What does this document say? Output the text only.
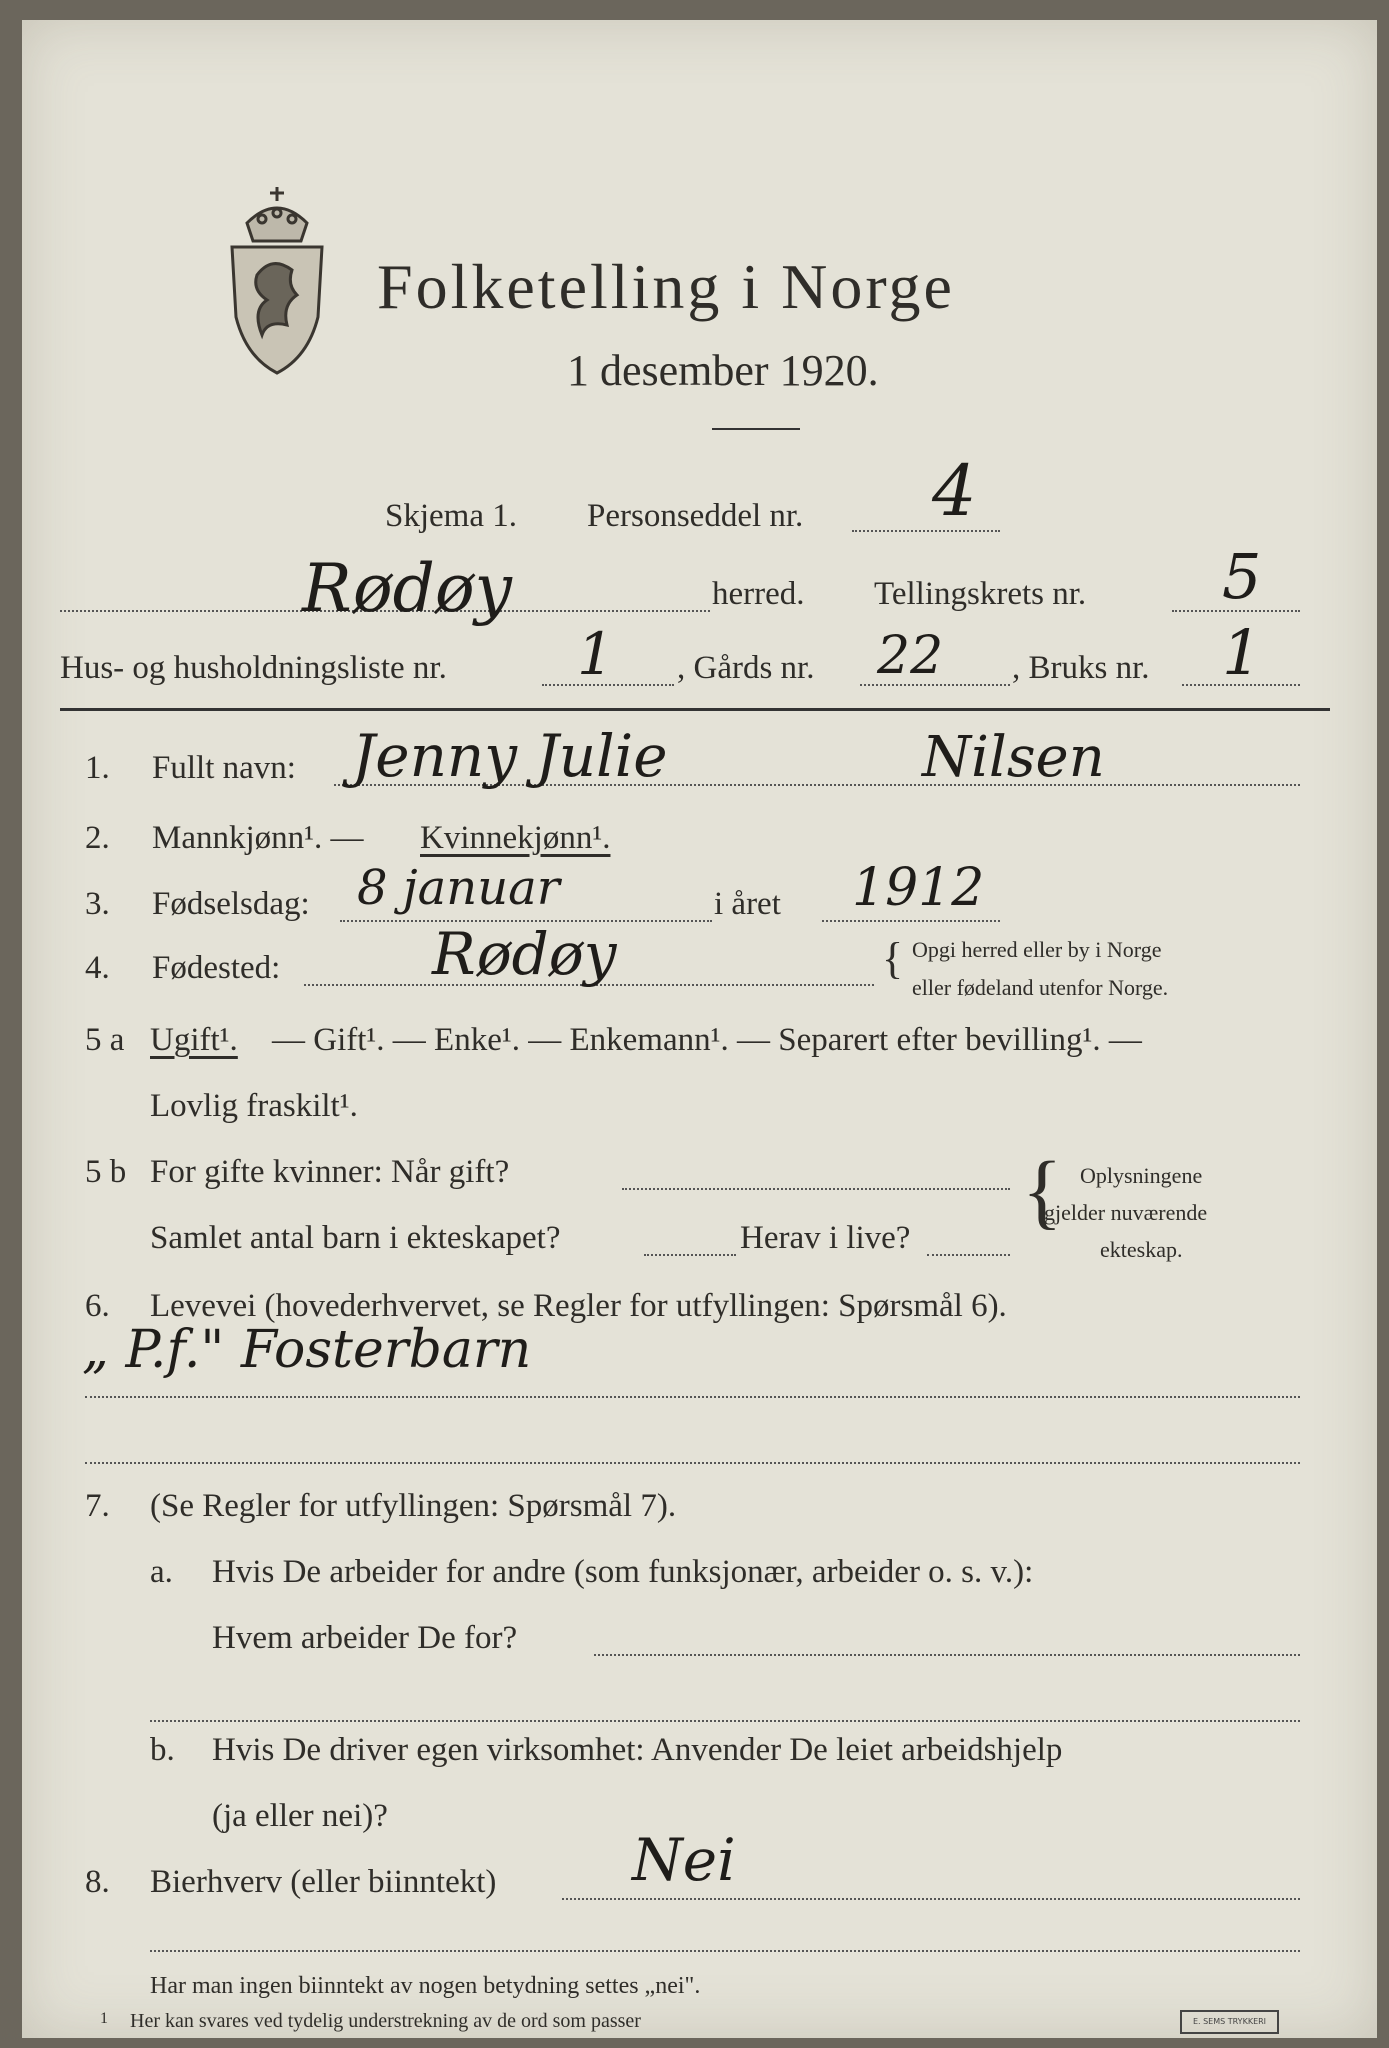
Folketelling i Norge
1 desember 1920.
Skjema 1. Personseddel nr. 4
Rødøy	herred. Tellingskrets nr. 5
Hus- og husholdningsliste nr. 1 , Gårds nr. 22 , Bruks nr. 1
1. Fullt navn: Jenny Julie	Nilsen
2. Mannkjønn¹. — Kvinnekjønn¹.
3. Fødselsdag: 8 januar	i året 1912
4. Fødested:	Rødøy	{ Opgi herred eller by i Norge
eller fødeland utenfor Norge.
5 a Ugift¹. — Gift¹. — Enke¹. — Enkemann¹. — Separert efter bevilling¹. —
Lovlig fraskilt¹.
5 b For gifte kvinner: Når gift?
Samlet antal barn i ekteskapet?	Herav i live? { Oplysningene
gjelder nuværende
ekteskap.
6. Levevei (hovederhvervet, se Regler for utfyllingen: Spørsmål 6).
„ P.f." Fosterbarn
7. (Se Regler for utfyllingen: Spørsmål 7).
a. Hvis De arbeider for andre (som funksjonær, arbeider o. s. v.):
Hvem arbeider De for?
b. Hvis De driver egen virksomhet: Anvender De leiet arbeidshjelp
(ja eller nei)?
8. Bierhverv (eller biinntekt) Nei
Har man ingen biinntekt av nogen betydning settes „nei".
1 Her kan svares ved tydelig understrekning av de ord som passer	E. SEMS TRYKKERI
